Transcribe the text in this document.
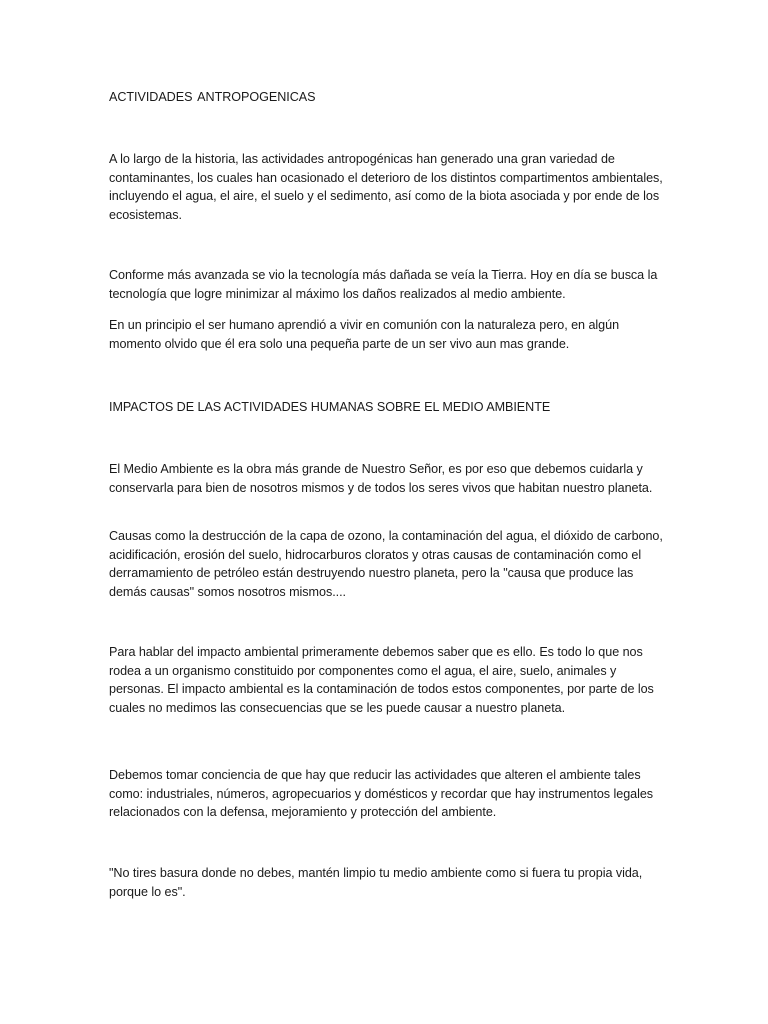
ACTIVIDADES ANTROPOGENICAS

A lo largo de la historia, las actividades antropogénicas han generado una gran variedad de contaminantes, los cuales han ocasionado el deterioro de los distintos compartimentos ambientales, incluyendo el agua, el aire, el suelo y el sedimento, así como de la biota asociada y por ende de los ecosistemas.

Conforme más avanzada se vio la tecnología más dañada se veía la Tierra. Hoy en día se busca la tecnología que logre minimizar al máximo los daños realizados al medio ambiente.

En un principio el ser humano aprendió a vivir en comunión con la naturaleza pero, en algún momento olvido que él era solo una pequeña parte de un ser vivo aun mas grande.

IMPACTOS DE LAS ACTIVIDADES HUMANAS SOBRE EL MEDIO AMBIENTE

El Medio Ambiente es la obra más grande de Nuestro Señor, es por eso que debemos cuidarla y conservarla para bien de nosotros mismos y de todos los seres vivos que habitan nuestro planeta.

Causas como la destrucción de la capa de ozono, la contaminación del agua, el dióxido de carbono, acidificación, erosión del suelo, hidrocarburos cloratos y otras causas de contaminación como el derramamiento de petróleo están destruyendo nuestro planeta, pero la "causa que produce las demás causas" somos nosotros mismos....

Para hablar del impacto ambiental primeramente debemos saber que es ello. Es todo lo que nos rodea a un organismo constituido por componentes como el agua, el aire, suelo, animales y personas. El impacto ambiental es la contaminación de todos estos componentes, por parte de los cuales no medimos las consecuencias que se les puede causar a nuestro planeta.

Debemos tomar conciencia de que hay que reducir las actividades que alteren el ambiente tales como: industriales, números, agropecuarios y domésticos y recordar que hay instrumentos legales relacionados con la defensa, mejoramiento y protección del ambiente.

"No tires basura donde no debes, mantén limpio tu medio ambiente como si fuera tu propia vida, porque lo es".
